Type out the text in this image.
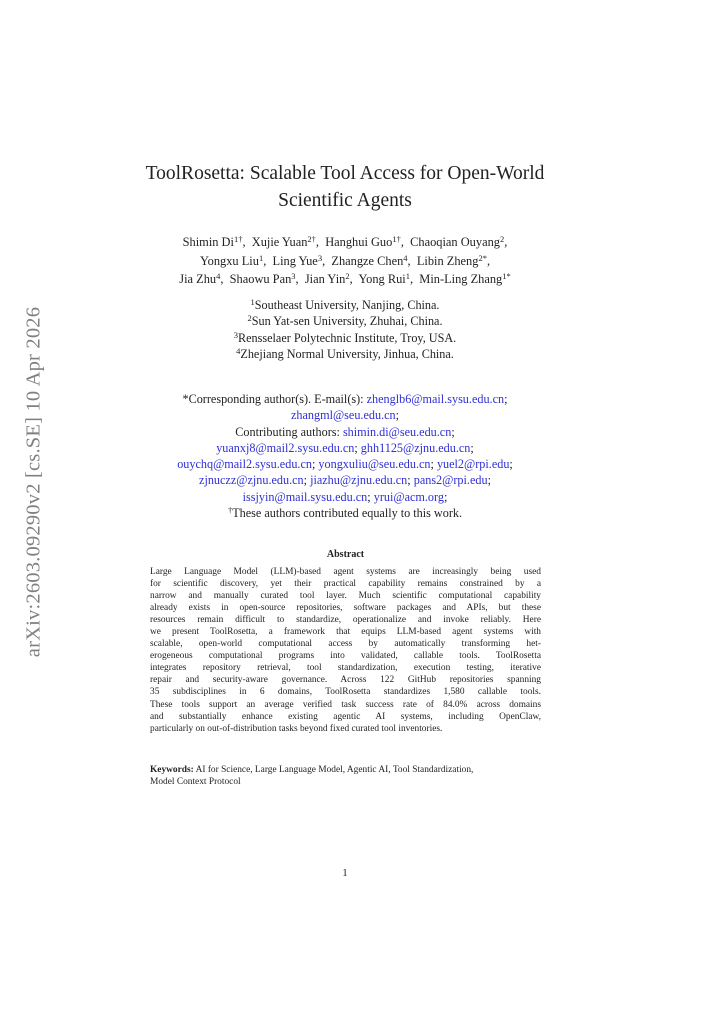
arXiv:2603.09290v2 [cs.SE] 10 Apr 2026
ToolRosetta: Scalable Tool Access for Open-World
Scientific Agents
Shimin $Di^{1\dagger}$, Xujie Yuan$^{2\dagger}$, Hanghui Guo$^{1\dagger}$, Chaoqian Ouyang$^2$,
Yongxu Liu$^1$, Ling Yue$^3$, Zhangze Chen$^4$, Libin Zheng$^{2*}$,
Jia Zhu$^4$, Shaowu Pan$^3$, Jian Yin$^2$, Yong Rui$^1$, Min-Ling Zhang$^{1*}$
$^1$Southeast University, Nanjing, China.
$^2$Sun Yat-sen University, Zhuhai, China.
$^3$Rensselaer Polytechnic Institute, Troy, USA.
$^4$Zhejiang Normal University, Jinhua, China.
*Corresponding author(s). E-mail(s): zhenglb6@mail.sysu.edu.cn;
zhangml@seu.edu.cn;
Contributing authors: shimin.di@seu.edu.cn;
yuanxj8@mail2.sysu.edu.cn; ghh1125@zjnu.edu.cn;
ouychq@mail2.sysu.edu.cn; yongxuliu@seu.edu.cn; yuel2@rpi.edu;
zjnuczz@zjnu.edu.cn; jiazhu@zjnu.edu.cn; pans2@rpi.edu;
issjyin@mail.sysu.edu.cn; yrui@acm.org;
†These authors contributed equally to this work.
Abstract
Large Language Model (LLM)-based agent systems are increasingly being used
for scientific discovery, yet their practical capability remains constrained by a
narrow and manually curated tool layer. Much scientific computational capability
already exists in open-source repositories, software packages and APIs, but these
resources remain difficult to standardize, operationalize and invoke reliably. Here
we present ToolRosetta, a framework that equips LLM-based agent systems with
scalable, open-world computational access by automatically transforming het-
erogeneous computational programs into validated, callable tools. ToolRosetta
integrates repository retrieval, tool standardization, execution testing, iterative
repair and security-aware governance. Across 122 GitHub repositories spanning
35 subdisciplines in 6 domains, ToolRosetta standardizes 1,580 callable tools.
These tools support an average verified task success rate of 84.0% across domains
and substantially enhance existing agentic AI systems, including OpenClaw,
particularly on out-of-distribution tasks beyond fixed curated tool inventories.
Keywords: AI for Science, Large Language Model, Agentic AI, Tool Standardization,
Model Context Protocol
1
